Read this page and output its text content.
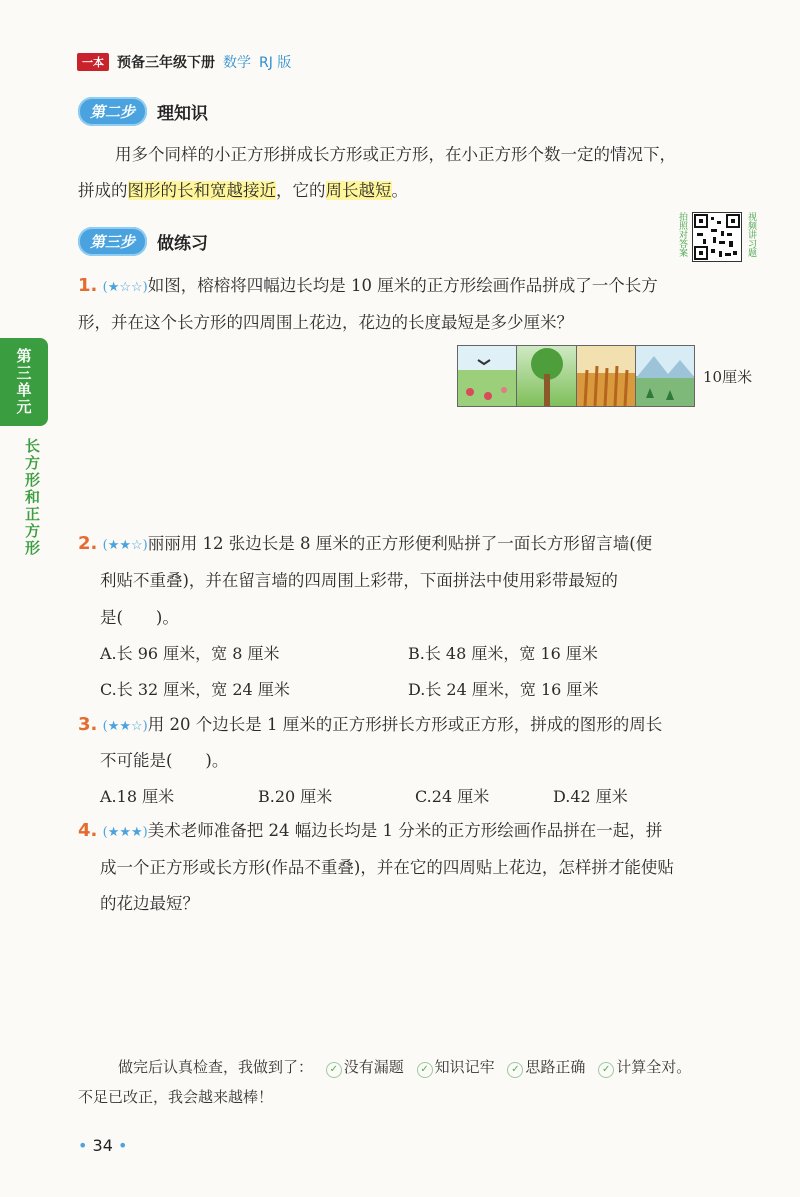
一本 预备三年级下册 数学 RJ 版
第二步	理知识
用多个同样的小正方形拼成长方形或正方形，在小正方形个数一定的情况下，
拼成的图形的长和宽越接近，它的周长越短。
第三步	做练习	拍照对答案	视频讲习题
第三单元
长方形和正方形
1. (★☆☆)如图，榕榕将四幅边长均是 10 厘米的正方形绘画作品拼成了一个长方
形，并在这个长方形的四周围上花边，花边的长度最短是多少厘米？
10厘米
2. (★★☆)丽丽用 12 张边长是 8 厘米的正方形便利贴拼了一面长方形留言墙(便
利贴不重叠)，并在留言墙的四周围上彩带，下面拼法中使用彩带最短的
是(　　)。
A.长 96 厘米，宽 8 厘米	B.长 48 厘米，宽 16 厘米
C.长 32 厘米，宽 24 厘米	D.长 24 厘米，宽 16 厘米
3. (★★☆)用 20 个边长是 1 厘米的正方形拼长方形或正方形，拼成的图形的周长
不可能是(　　)。
A.18 厘米	B.20 厘米	C.24 厘米	D.42 厘米
4. (★★★)美术老师准备把 24 幅边长均是 1 分米的正方形绘画作品拼在一起，拼
成一个正方形或长方形(作品不重叠)，并在它的四周贴上花边，怎样拼才能使贴
的花边最短？
做完后认真检查，我做到了： ✓ 没有漏题 ✓ 知识记牢 ✓ 思路正确 ✓ 计算全对。
不足已改正，我会越来越棒！
• 34 •
